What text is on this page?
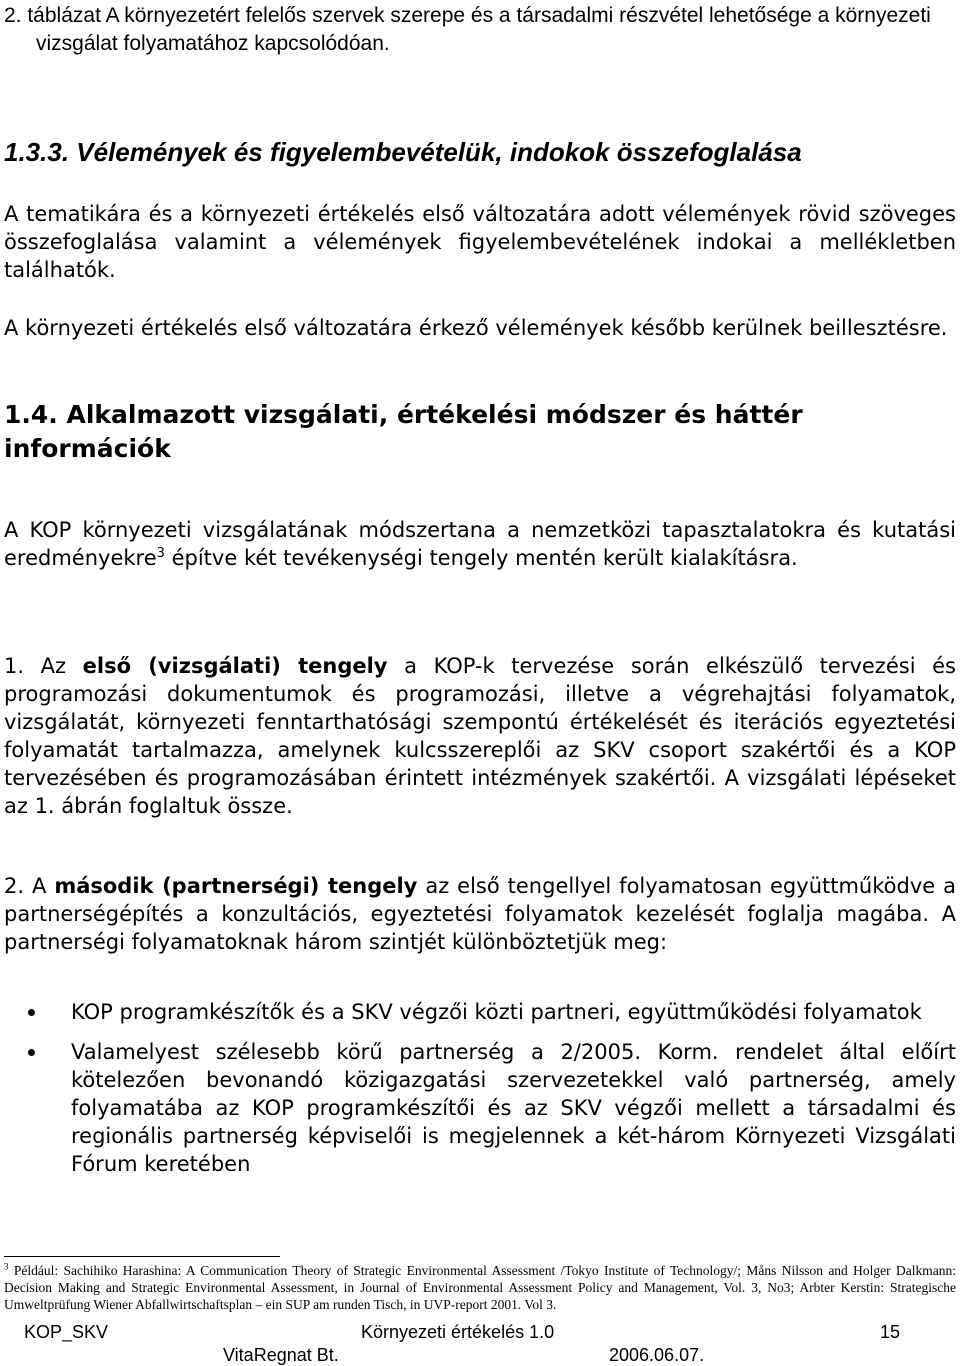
2. táblázat A környezetért felelős szervek szerepe és a társadalmi részvétel lehetősége a környezeti vizsgálat folyamatához kapcsolódóan.

1.3.3. Vélemények és figyelembevételük, indokok összefoglalása

A tematikára és a környezeti értékelés első változatára adott vélemények rövid szöveges összefoglalása valamint a vélemények figyelembevételének indokai a mellékletben találhatók.

A környezeti értékelés első változatára érkező vélemények később kerülnek beillesztésre.

1.4. Alkalmazott vizsgálati, értékelési módszer és háttér információk

A KOP környezeti vizsgálatának módszertana a nemzetközi tapasztalatokra és kutatási eredményekre$^3$ építve két tevékenységi tengely mentén került kialakításra.

1. Az első (vizsgálati) tengely a KOP-k tervezése során elkészülő tervezési és programozási dokumentumok és programozási, illetve a végrehajtási folyamatok, vizsgálatát, környezeti fenntarthatósági szempontú értékelését és iterációs egyeztetési folyamatát tartalmazza, amelynek kulcsszereplői az SKV csoport szakértői és a KOP tervezésében és programozásában érintett intézmények szakértői. A vizsgálati lépéseket az 1. ábrán foglaltuk össze.

2. A második (partnerségi) tengely az első tengellyel folyamatosan együttműködve a partnerségépítés a konzultációs, egyeztetési folyamatok kezelését foglalja magába. A partnerségi folyamatoknak három szintjét különböztetjük meg:

KOP programkészítők és a SKV végzői közti partneri, együttműködési folyamatok

Valamelyest szélesebb körű partnerség a 2/2005. Korm. rendelet által előírt kötelezően bevonandó közigazgatási szervezetekkel való partnerség, amely folyamatába az KOP programkészítői és az SKV végzői mellett a társadalmi és regionális partnerség képviselői is megjelennek a két-három Környezeti Vizsgálati Fórum keretében

$^3$ Például: Sachihiko Harashina: A Communication Theory of Strategic Environmental Assessment /Tokyo Institute of Technology/; Måns Nilsson and Holger Dalkmann: Decision Making and Strategic Environmental Assessment, in Journal of Environmental Assessment Policy and Management, Vol. 3, No3; Arbter Kerstin: Strategische Umweltprüfung Wiener Abfallwirtschaftsplan – ein SUP am runden Tisch, in UVP-report 2001. Vol 3.

KOP_SKV	Környezeti értékelés 1.0	15
VitaRegnat Bt.	2006.06.07.
